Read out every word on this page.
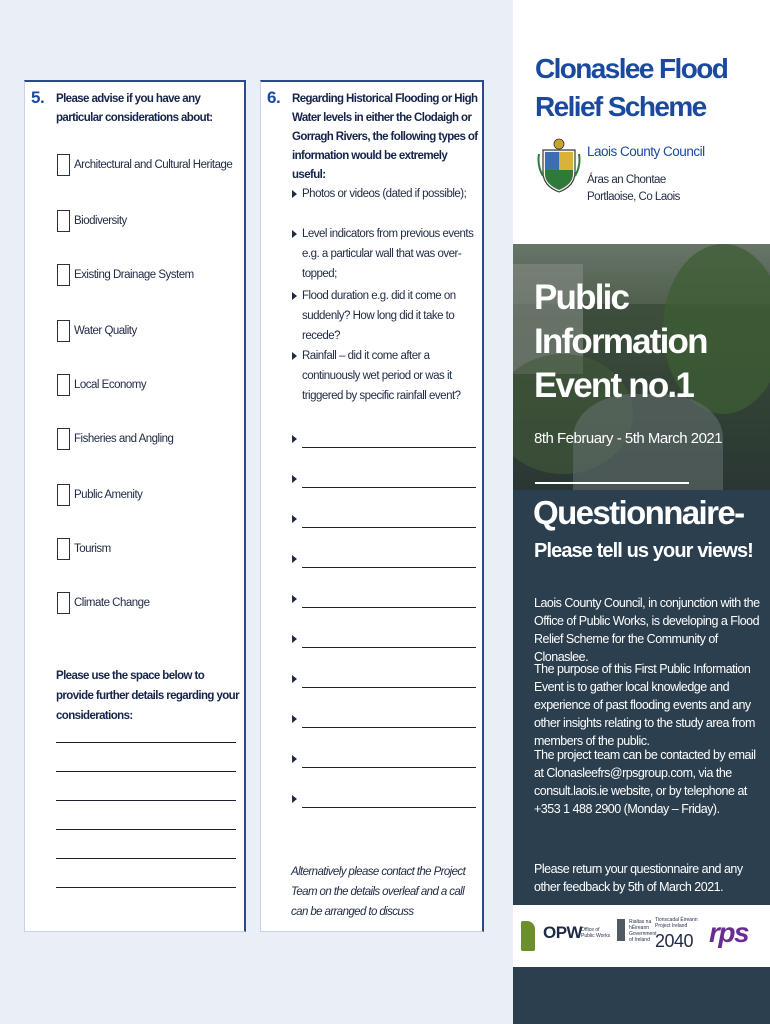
5. Please advise if you have any particular considerations about:
Architectural and Cultural Heritage
Biodiversity
Existing Drainage System
Water Quality
Local Economy
Fisheries and Angling
Public Amenity
Tourism
Climate Change
Please use the space below to provide further details regarding your considerations:
6. Regarding Historical Flooding or High Water levels in either the Clodaigh or Gorragh Rivers, the following types of information would be extremely useful:
Photos or videos (dated if possible);
Level indicators from previous events e.g. a particular wall that was over-topped;
Flood duration e.g. did it come on suddenly? How long did it take to recede?
Rainfall – did it come after a continuously wet period or was it triggered by specific rainfall event?
Alternatively please contact the Project Team on the details overleaf and a call can be arranged to discuss
Clonaslee Flood Relief Scheme
Laois County Council
Áras an Chontae
Portlaoise, Co Laois
Public Information Event no.1
8th February - 5th March 2021
Questionnaire-
Please tell us your views!
Laois County Council, in conjunction with the Office of Public Works, is developing a Flood Relief Scheme for the Community of Clonaslee.
The purpose of this First Public Information Event is to gather local knowledge and experience of past flooding events and any other insights relating to the study area from members of the public.
The project team can be contacted by email at Clonasleefrs@rpsgroup.com, via the consult.laois.ie website, or by telephone at +353 1 488 2900 (Monday – Friday).
Please return your questionnaire and any other feedback by 5th of March 2021.
OPW
Office of Public Works
Rialtas na hÉireann Government of Ireland
Tionscadal Éireann Project Ireland
2040 rps
